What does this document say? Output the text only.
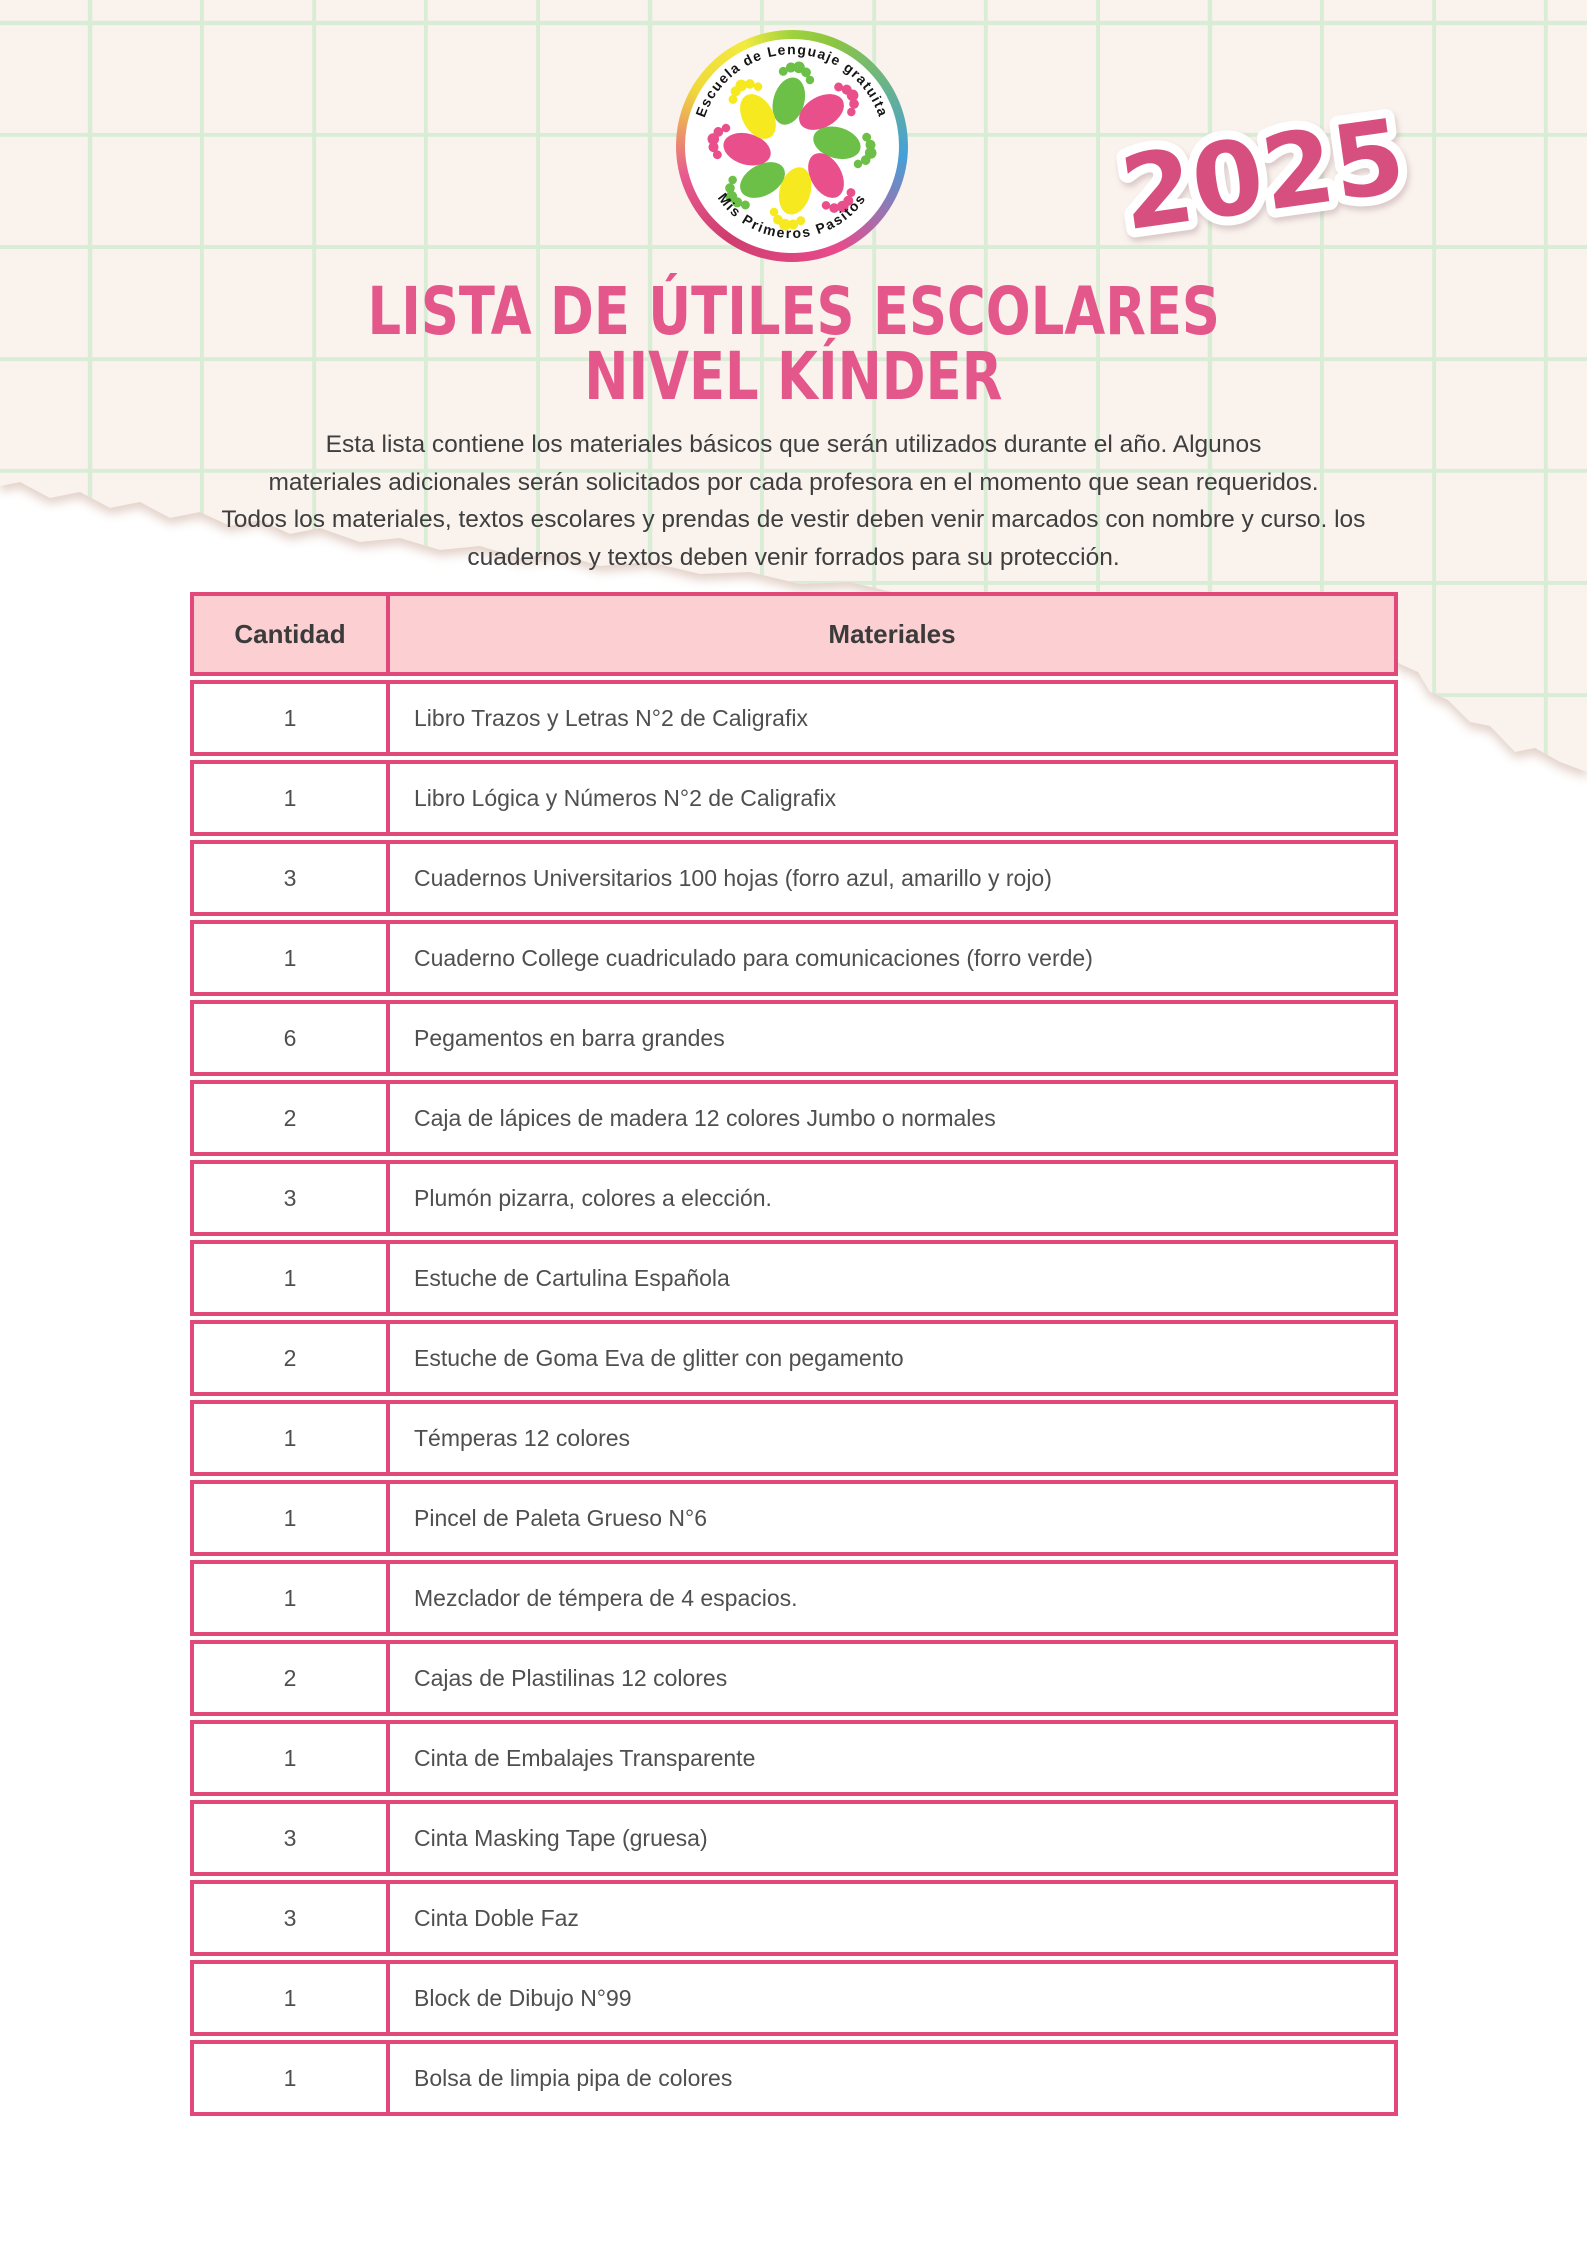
Escuela de Lenguaje gratuita
Mis Primeros Pasitos 2025
LISTA DE ÚTILES ESCOLARES
NIVEL KÍNDER
Esta lista contiene los materiales básicos que serán utilizados durante el año. Algunos
materiales adicionales serán solicitados por cada profesora en el momento que sean requeridos.
Todos los materiales, textos escolares y prendas de vestir deben venir marcados con nombre y curso. los
cuadernos y textos deben venir forrados para su protección.
Cantidad	Materiales
1	Libro Trazos y Letras N°2 de Caligrafix
1	Libro Lógica y Números N°2 de Caligrafix
3	Cuadernos Universitarios 100 hojas (forro azul, amarillo y rojo)
1	Cuaderno College cuadriculado para comunicaciones (forro verde)
6	Pegamentos en barra grandes
2	Caja de lápices de madera 12 colores Jumbo o normales
3	Plumón pizarra, colores a elección.
1	Estuche de Cartulina Española
2	Estuche de Goma Eva de glitter con pegamento
1	Témperas 12 colores
1	Pincel de Paleta Grueso N°6
1	Mezclador de témpera de 4 espacios.
2	Cajas de Plastilinas 12 colores
1	Cinta de Embalajes Transparente
3	Cinta Masking Tape (gruesa)
3	Cinta Doble Faz
1	Block de Dibujo N°99
1	Bolsa de limpia pipa de colores
